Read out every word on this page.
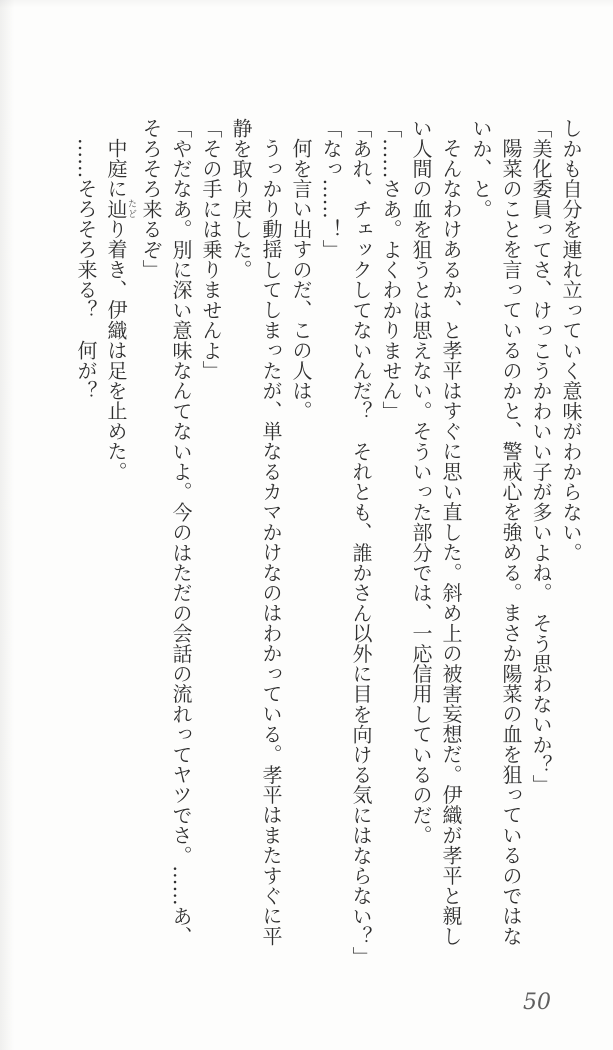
しかも自分を連れ立っていく意味がわからない。

「美化委員ってさ、けっこうかわいい子が多いよね。　そう思わないか？」

陽菜のことを言っているのかと、警戒心を強める。まさか陽菜の血を狙っているのではないか、と。

そんなわけあるか、と孝平はすぐに思い直した。斜め上の被害妄想だ。伊織が孝平と親しい人間の血を狙うとは思えない。そういった部分では、一応信用しているのだ。

「……さあ。よくわかりません」

「あれ、チェックしてないんだ？　それとも、誰かさん以外に目を向ける気にはならない？」

「なっ……！」

何を言い出すのだ、この人は。

うっかり動揺してしまったが、単なるカマかけなのはわかっている。孝平はまたすぐに平静を取り戻した。

「その手には乗りませんよ」

「やだなあ。別に深い意味なんてないよ。今のはただの会話の流れってヤツでさ。……あ、そろそろ来るぞ」

中庭に辿たどり着き、伊織は足を止めた。

……そろそろ来る？　何が？

50
